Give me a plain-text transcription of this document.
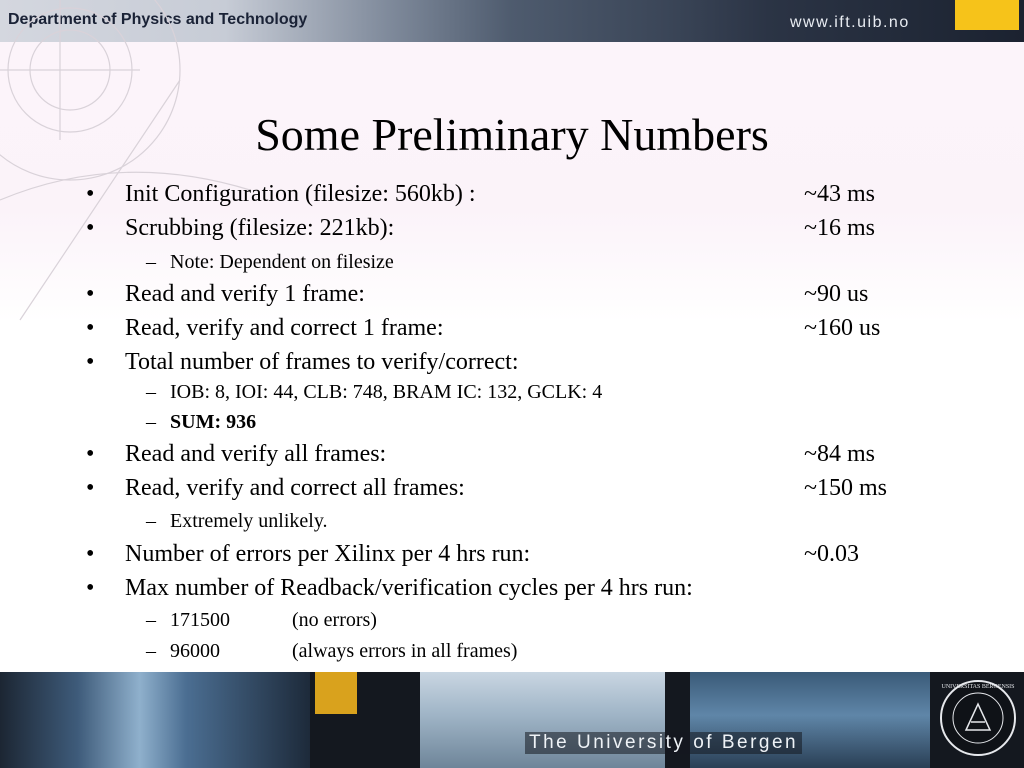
Department of Physics and Technology	www.ift.uib.no
Some Preliminary Numbers
• Init Configuration (filesize: 560kb) :	~43 ms
• Scrubbing (filesize: 221kb):	~16 ms
– Note: Dependent on filesize
• Read and verify 1 frame:	~90 us
• Read, verify and correct 1 frame:	~160 us
• Total number of frames to verify/correct:
– IOB: 8, IOI: 44, CLB: 748, BRAM IC: 132, GCLK: 4
– SUM: 936
• Read and verify all frames:	~84 ms
• Read, verify and correct all frames:	~150 ms
– Extremely unlikely.
• Number of errors per Xilinx per 4 hrs run:	~0.03
• Max number of Readback/verification cycles per 4 hrs run:
– 171500	(no errors)
– 96000	(always errors in all frames)
The University of Bergen
UNIVERSITAS BERGENSIS
